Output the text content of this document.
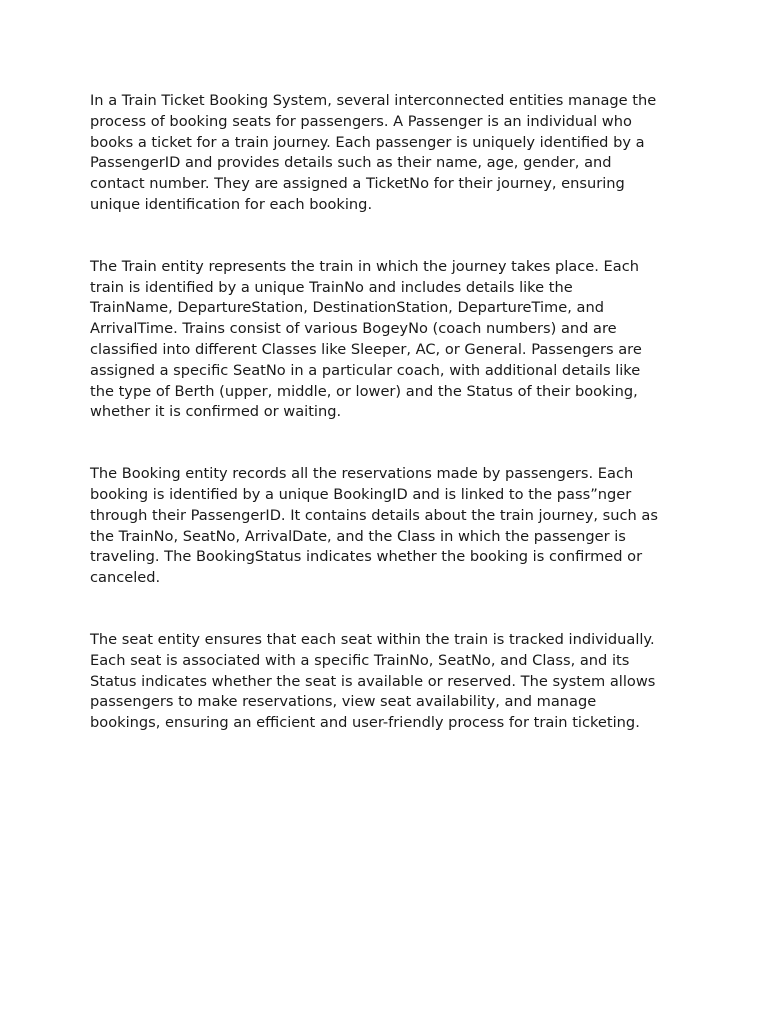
In a Train Ticket Booking System, several interconnected entities manage the
process of booking seats for passengers. A Passenger is an individual who
books a ticket for a train journey. Each passenger is uniquely identified by a
PassengerID and provides details such as their name, age, gender, and
contact number. They are assigned a TicketNo for their journey, ensuring
unique identification for each booking.

The Train entity represents the train in which the journey takes place. Each
train is identified by a unique TrainNo and includes details like the
TrainName, DepartureStation, DestinationStation, DepartureTime, and
ArrivalTime. Trains consist of various BogeyNo (coach numbers) and are
classified into different Classes like Sleeper, AC, or General. Passengers are
assigned a specific SeatNo in a particular coach, with additional details like
the type of Berth (upper, middle, or lower) and the Status of their booking,
whether it is confirmed or waiting.

The Booking entity records all the reservations made by passengers. Each
booking is identified by a unique BookingID and is linked to the pass”nger
through their PassengerID. It contains details about the train journey, such as
the TrainNo, SeatNo, ArrivalDate, and the Class in which the passenger is
traveling. The BookingStatus indicates whether the booking is confirmed or
canceled.

The seat entity ensures that each seat within the train is tracked individually.
Each seat is associated with a specific TrainNo, SeatNo, and Class, and its
Status indicates whether the seat is available or reserved. The system allows
passengers to make reservations, view seat availability, and manage
bookings, ensuring an efficient and user-friendly process for train ticketing.
